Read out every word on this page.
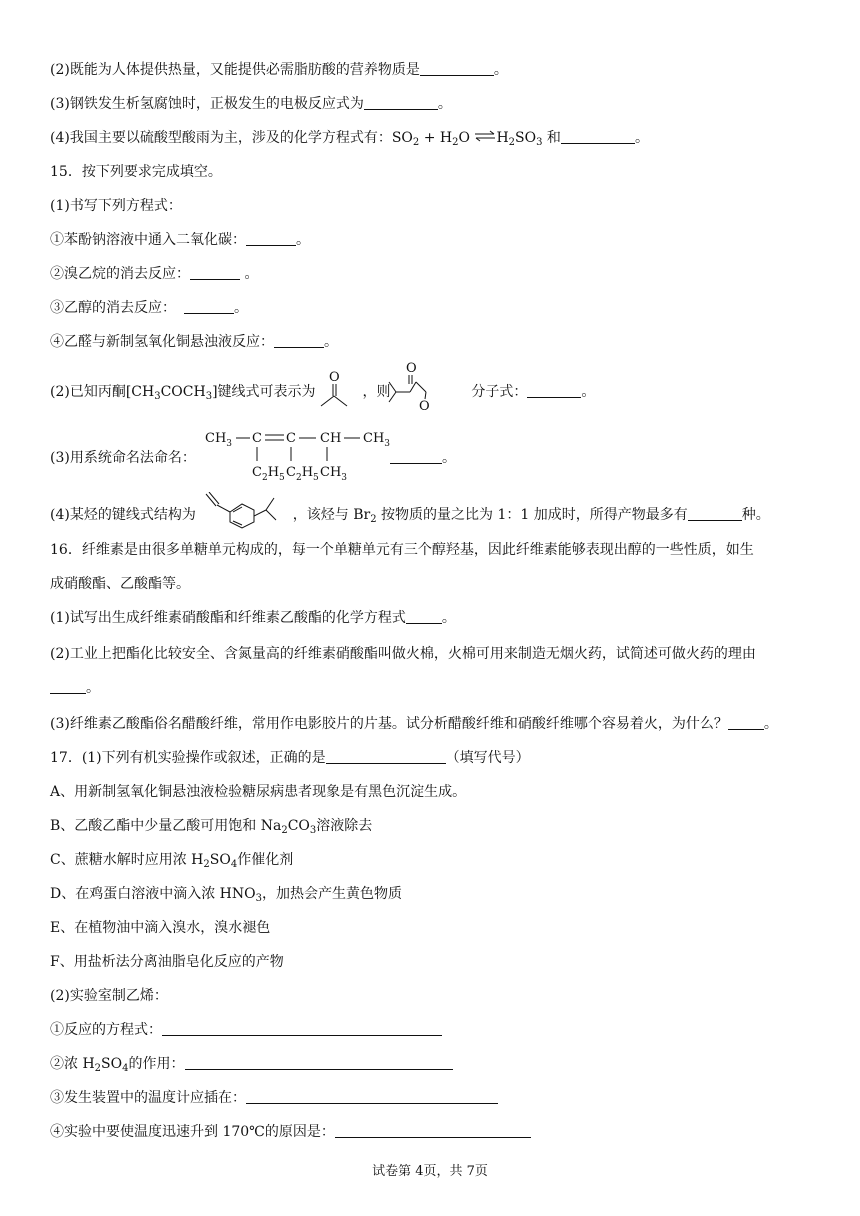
(2)既能为人体提供热量，又能提供必需脂肪酸的营养物质是	。
(3)钢铁发生析氢腐蚀时，正极发生的电极反应式为	。
(4)我国主要以硫酸型酸雨为主，涉及的化学方程式有：$SO_2 + H_2O$ $\rightleftharpoons H_2SO_3$ 和	。
15．按下列要求完成填空。
(1)书写下列方程式：
①苯酚钠溶液中通入二氧化碳：	。
②溴乙烷的消去反应：	。
③乙醇的消去反应：	。
④乙醛与新制氢氧化铜悬浊液反应：	。
(2)已知丙酮$[CH_3COCH_3]$键线式可表示为	，则	分子式：	。
O
O
O
(3)用系统命名法命名：
$CH_3$ C C CH $CH_3$
$C_2H_5$ $C_2H_5$ $CH_3$
。
(4)某烃的键线式结构为	，该烃与 $Br_2$ 按物质的量之比为 1：1 加成时，所得产物最多有	种。
16．纤维素是由很多单糖单元构成的，每一个单糖单元有三个醇羟基，因此纤维素能够表现出醇的一些性质，如生
成硝酸酯、乙酸酯等。
(1)试写出生成纤维素硝酸酯和纤维素乙酸酯的化学方程式	。
(2)工业上把酯化比较安全、含氮量高的纤维素硝酸酯叫做火棉，火棉可用来制造无烟火药，试简述可做火药的理由
。
(3)纤维素乙酸酯俗名醋酸纤维，常用作电影胶片的片基。试分析醋酸纤维和硝酸纤维哪个容易着火，为什么？	。
17．(1)下列有机实验操作或叙述，正确的是	（填写代号）
A、用新制氢氧化铜悬浊液检验糖尿病患者现象是有黑色沉淀生成。
B、乙酸乙酯中少量乙酸可用饱和 $Na_2CO_3$溶液除去
C、蔗糖水解时应用浓 $H_2SO_4$作催化剂
D、在鸡蛋白溶液中滴入浓 $HNO_3$，加热会产生黄色物质
E、在植物油中滴入溴水，溴水褪色
F、用盐析法分离油脂皂化反应的产物
(2)实验室制乙烯：
①反应的方程式：
②浓 $H_2SO_4$的作用：
③发生装置中的温度计应插在：
④实验中要使温度迅速升到 170℃的原因是：
试卷第 4页，共 7页
